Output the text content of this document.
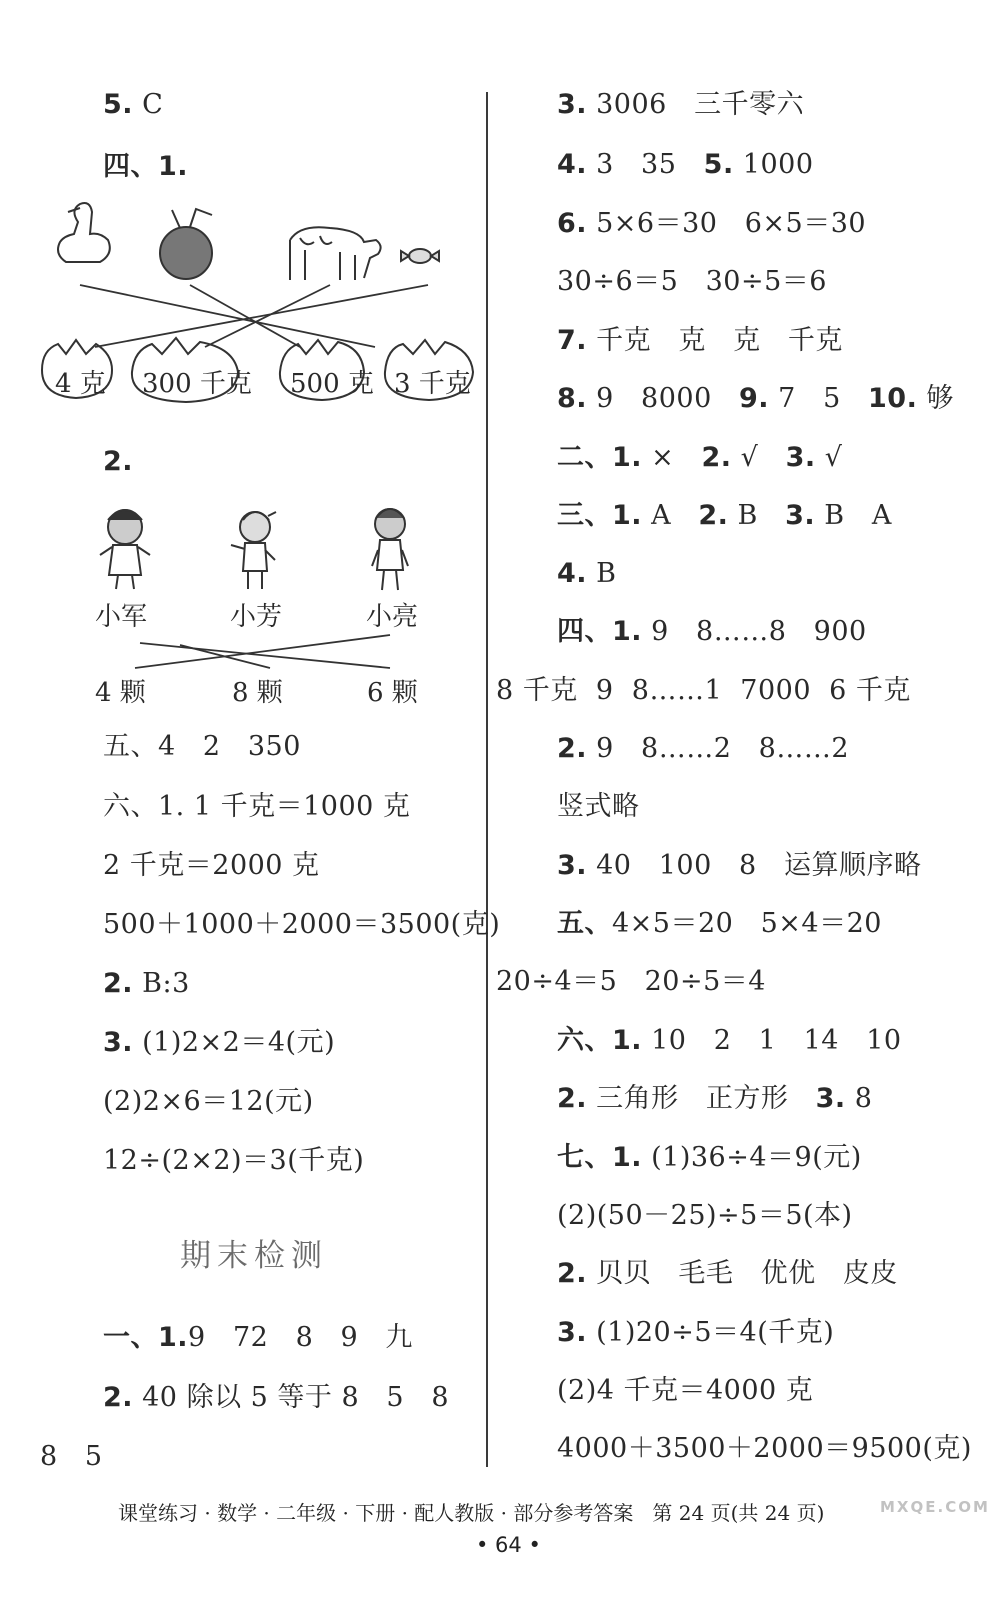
5. C
四、1.
4 克 300 千克 500 克 3 千克
2.
小军	小芳	小亮
4 颗	8 颗	6 颗
五、4   2   350
六、1. 1 千克＝1000 克
2 千克＝2000 克
500＋1000＋2000＝3500(克)
2. B:3
3. (1)2×2＝4(元)
(2)2×6＝12(元)
12÷(2×2)＝3(千克)
期末检测
一、1.9   72   8   9   九
2. 40 除以 5 等于 8   5   8
8   5
3. 3006   三千零六
4. 3   35   5. 1000
6. 5×6＝30   6×5＝30
30÷6＝5   30÷5＝6
7. 千克   克   克   千克
8. 9   8000   9. 7   5   10. 够
二、1. ×   2. √   3. √
三、1. A   2. B   3. B   A
4. B
四、1. 9   8……8   900
8 千克  9  8……1  7000  6 千克
2. 9   8……2   8……2
竖式略
3. 40   100   8   运算顺序略
五、4×5＝20   5×4＝20
20÷4＝5   20÷5＝4
六、1. 10   2   1   14   10
2. 三角形   正方形   3. 8
七、1. (1)36÷4＝9(元)
(2)(50－25)÷5＝5(本)
2. 贝贝   毛毛   优优   皮皮
3. (1)20÷5＝4(千克)
(2)4 千克＝4000 克
4000＋3500＋2000＝9500(克)
课堂练习 · 数学 · 二年级 · 下册 · 配人教版 · 部分参考答案   第 24 页(共 24 页)
• 64 •
MXQE.COM
